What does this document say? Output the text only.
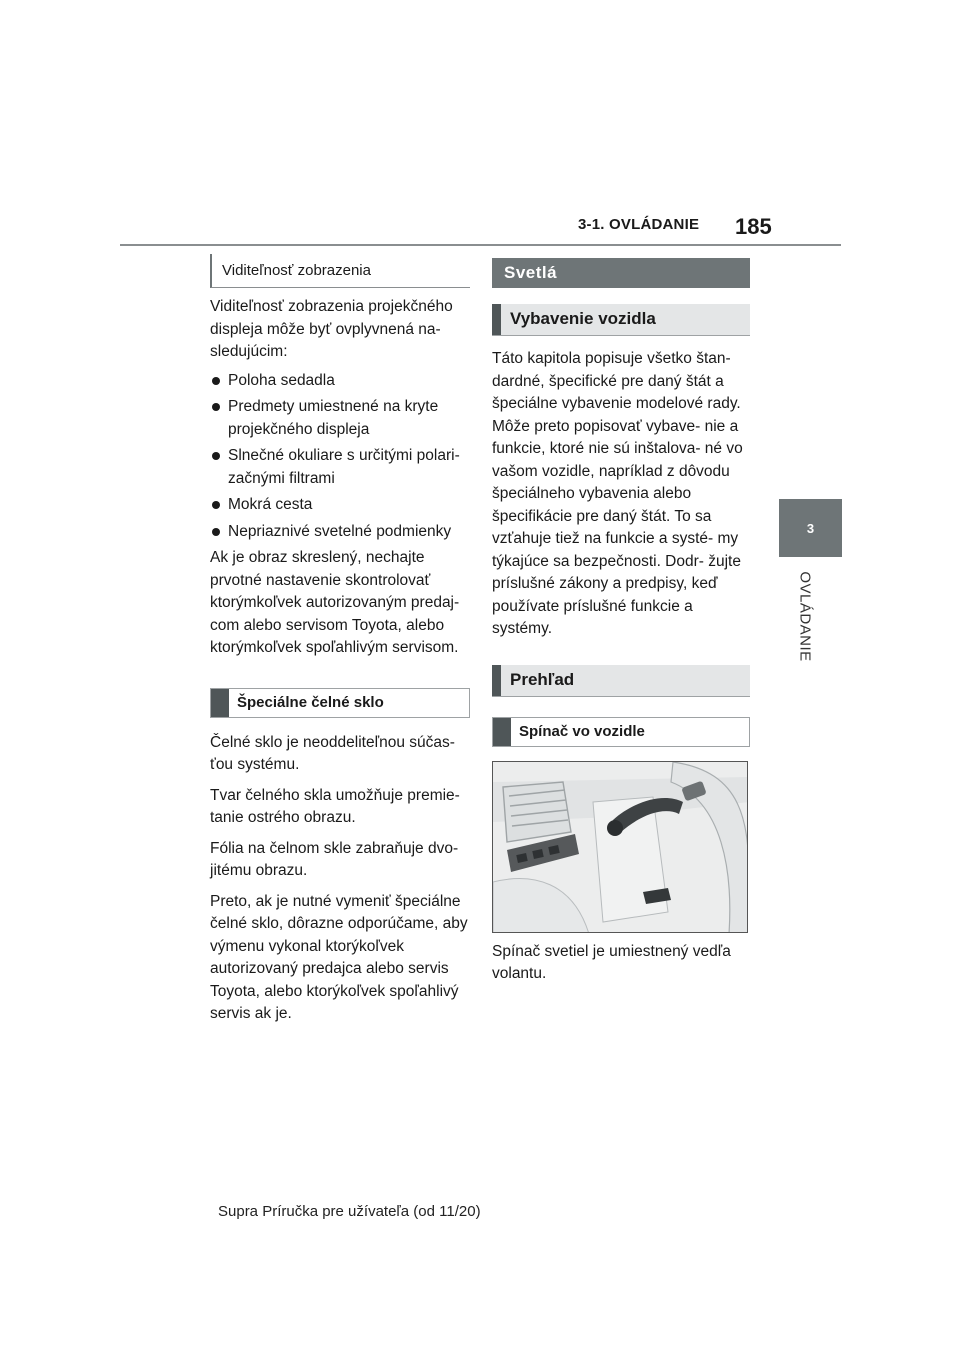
3-1. OVLÁDANIE 185
3
OVLÁDANIE
Viditeľnosť zobrazenia

Viditeľnosť zobrazenia projekčného displeja môže byť ovplyvnená na- sledujúcim:

Poloha sedadla
Predmety umiestnené na kryte projekčného displeja
Slnečné okuliare s určitými polari- začnými filtrami
Mokrá cesta
Nepriaznivé svetelné podmienky

Ak je obraz skreslený, nechajte prvotné nastavenie skontrolovať ktorýmkoľvek autorizovaným predaj- com alebo servisom Toyota, alebo ktorýmkoľvek spoľahlivým servisom.

Špeciálne čelné sklo

Čelné sklo je neoddeliteľnou súčas- ťou systému.

Tvar čelného skla umožňuje premie- tanie ostrého obrazu.

Fólia na čelnom skle zabraňuje dvo- jitému obrazu.

Preto, ak je nutné vymeniť špeciálne čelné sklo, dôrazne odporúčame, aby výmenu vykonal ktorýkoľvek autorizovaný predajca alebo servis Toyota, alebo ktorýkoľvek spoľahlivý servis ak je.

Svetlá
Vybavenie vozidla

Táto kapitola popisuje všetko štan- dardné, špecifické pre daný štát a špeciálne vybavenie modelové rady. Môže preto popisovať vybave- nie a funkcie, ktoré nie sú inštalova- né vo vašom vozidle, napríklad z dôvodu špeciálneho vybavenia alebo špecifikácie pre daný štát. To sa vzťahuje tiež na funkcie a systé- my týkajúce sa bezpečnosti. Dodr- žujte príslušné zákony a predpisy, keď používate príslušné funkcie a systémy.

Prehľad
Spínač vo vozidle

Spínač svetiel je umiestnený vedľa volantu.

Supra Príručka pre užívateľa (od 11/20)
